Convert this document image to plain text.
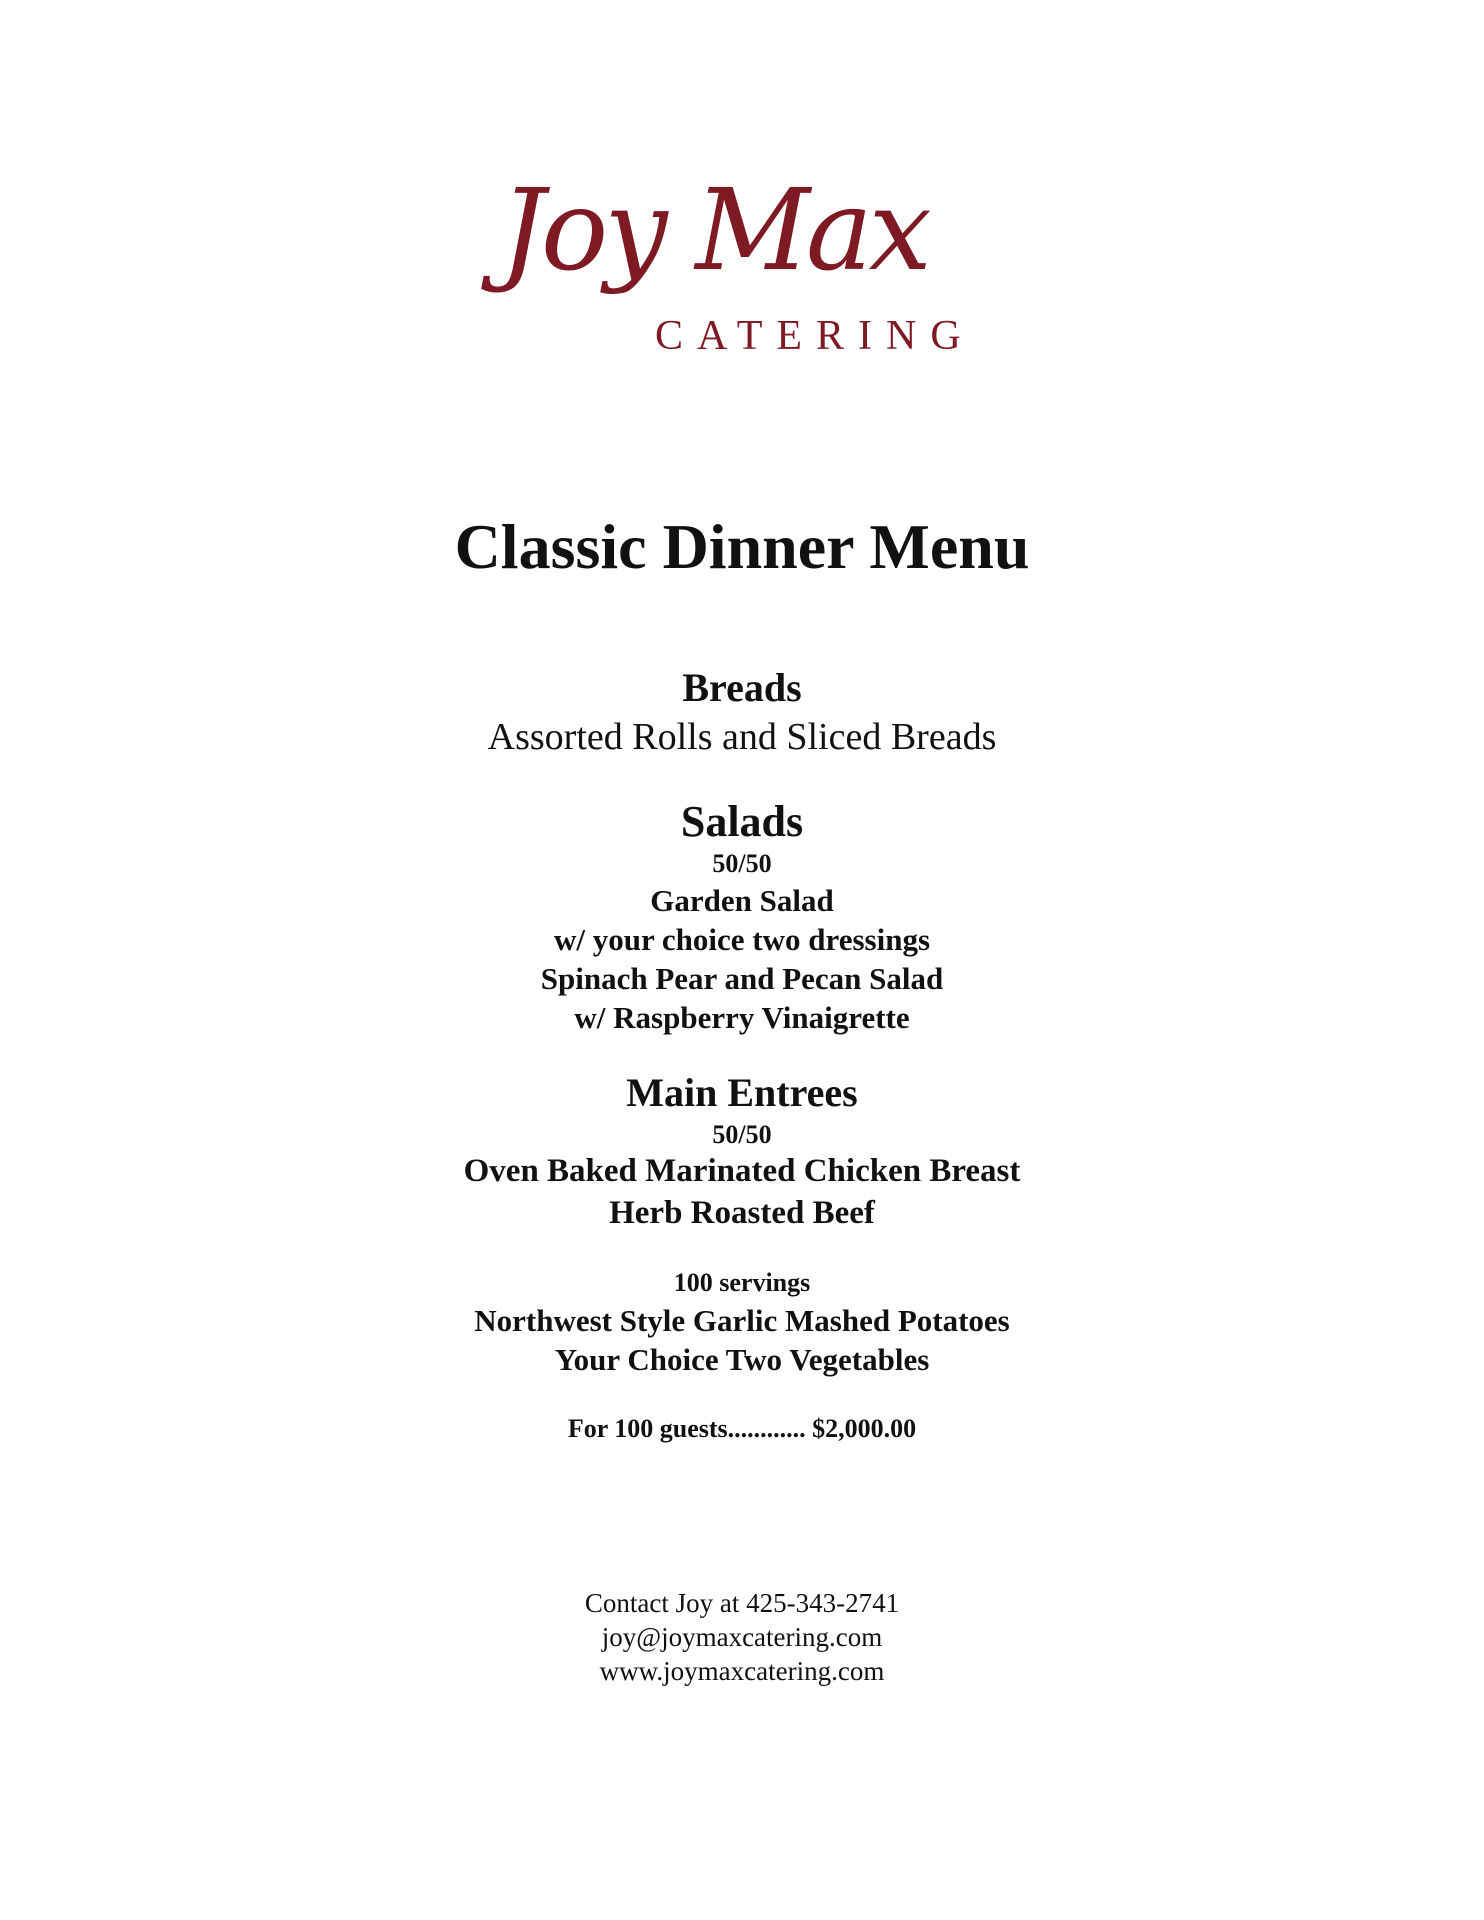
Joy Max
CATERING
Classic Dinner Menu
Breads
Assorted Rolls and Sliced Breads
Salads
50/50
Garden Salad
w/ your choice two dressings
Spinach Pear and Pecan Salad
w/ Raspberry Vinaigrette
Main Entrees
50/50
Oven Baked Marinated Chicken Breast
Herb Roasted Beef
100 servings
Northwest Style Garlic Mashed Potatoes
Your Choice Two Vegetables
For 100 guests............ $2,000.00
Contact Joy at 425-343-2741
joy@joymaxcatering.com
www.joymaxcatering.com
